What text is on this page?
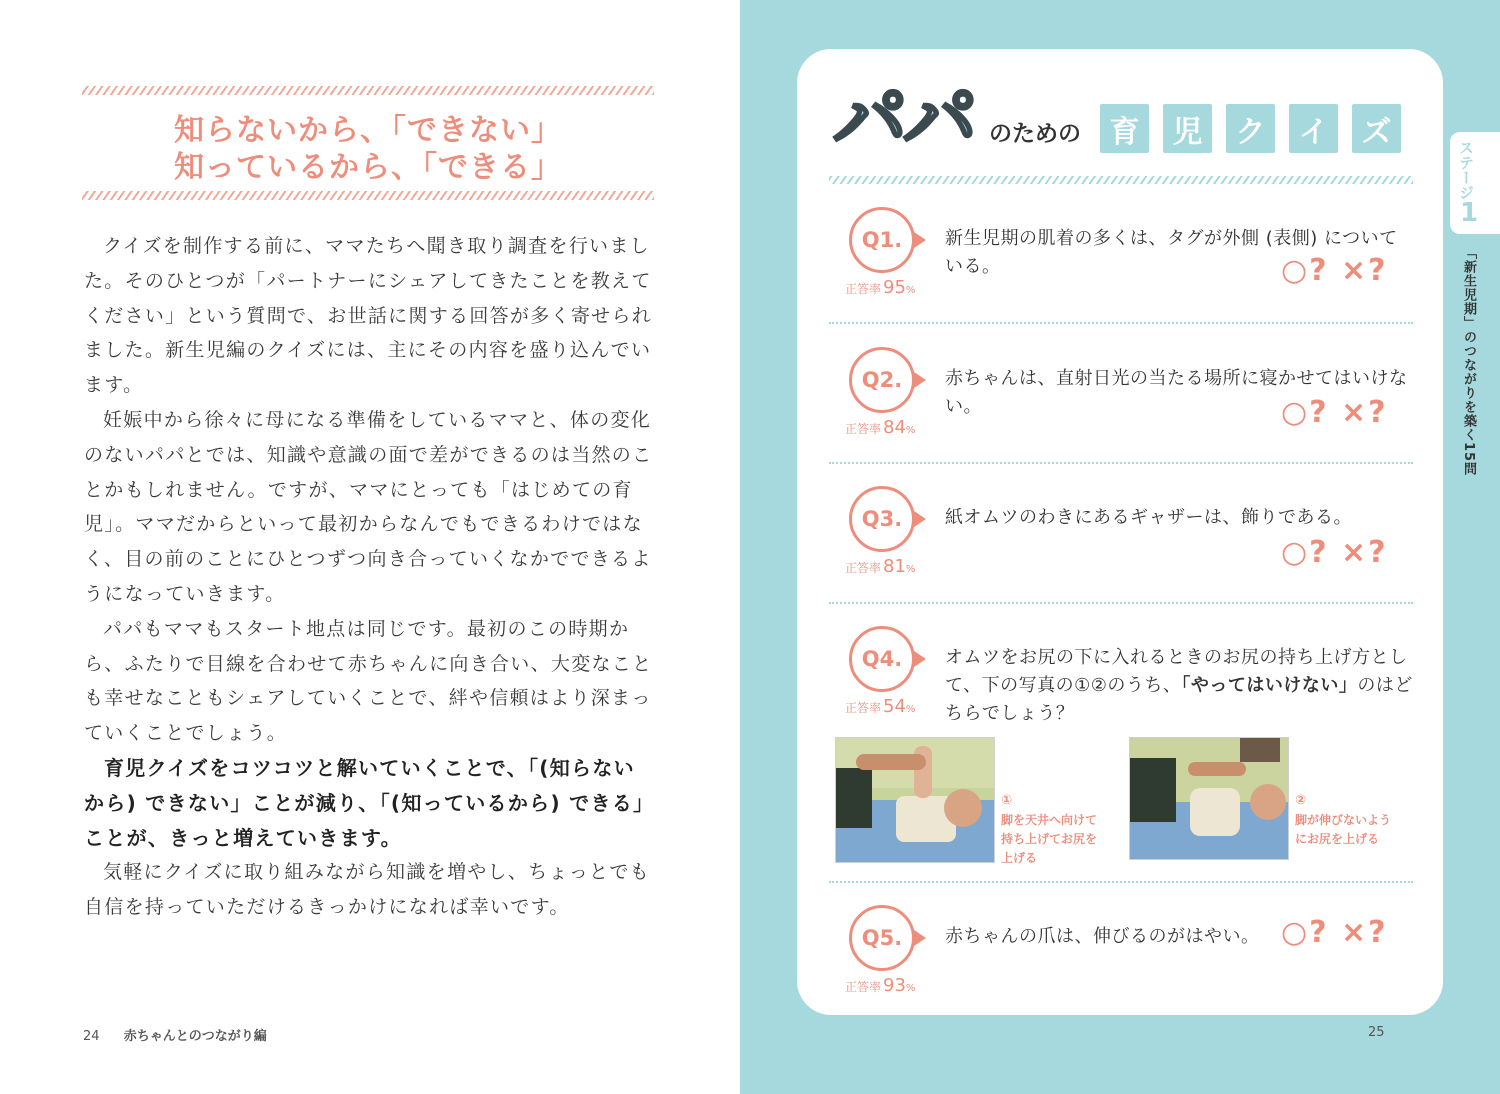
知らないから、「できない」
知っているから、「できる」

クイズを制作する前に、ママたちへ聞き取り調査を行いました。そのひとつが「パートナーにシェアしてきたことを教えてください」という質問で、お世話に関する回答が多く寄せられました。新生児編のクイズには、主にその内容を盛り込んでいます。

妊娠中から徐々に母になる準備をしているママと、体の変化のないパパとでは、知識や意識の面で差ができるのは当然のことかもしれません。ですが、ママにとっても「はじめての育児」。ママだからといって最初からなんでもできるわけではなく、目の前のことにひとつずつ向き合っていくなかでできるようになっていきます。

パパもママもスタート地点は同じです。最初のこの時期から、ふたりで目線を合わせて赤ちゃんに向き合い、大変なことも幸せなこともシェアしていくことで、絆や信頼はより深まっていくことでしょう。

育児クイズをコツコツと解いていくことで、「(知らないから) できない」ことが減り、「(知っているから) できる」ことが、きっと増えていきます。

気軽にクイズに取り組みながら知識を増やし、ちょっとでも自信を持っていただけるきっかけになれば幸いです。

24 赤ちゃんとのつながり編
パパ のための 育	児	ク	イ	ズ
Q1.
正答率 95%
新生児期の肌着の多くは、タグが外側 (表側) についている。	○? ×?
Q2.
正答率 84%
赤ちゃんは、直射日光の当たる場所に寝かせてはいけない。	○? ×?
Q3.
正答率 81%
紙オムツのわきにあるギャザーは、飾りである。
○? ×?
Q4.
正答率 54%
オムツをお尻の下に入れるときのお尻の持ち上げ方として、下の写真の①②のうち、「やってはいけない」のはどちらでしょう？
①
脚を天井へ向けて
持ち上げてお尻を
上げる
②
脚が伸びないよう
にお尻を上げる
Q5.
正答率 93%
赤ちゃんの爪は、伸びるのがはやい。 ○? ×?
ステージ
1
「新生児期」のつながりを築く15問
25
